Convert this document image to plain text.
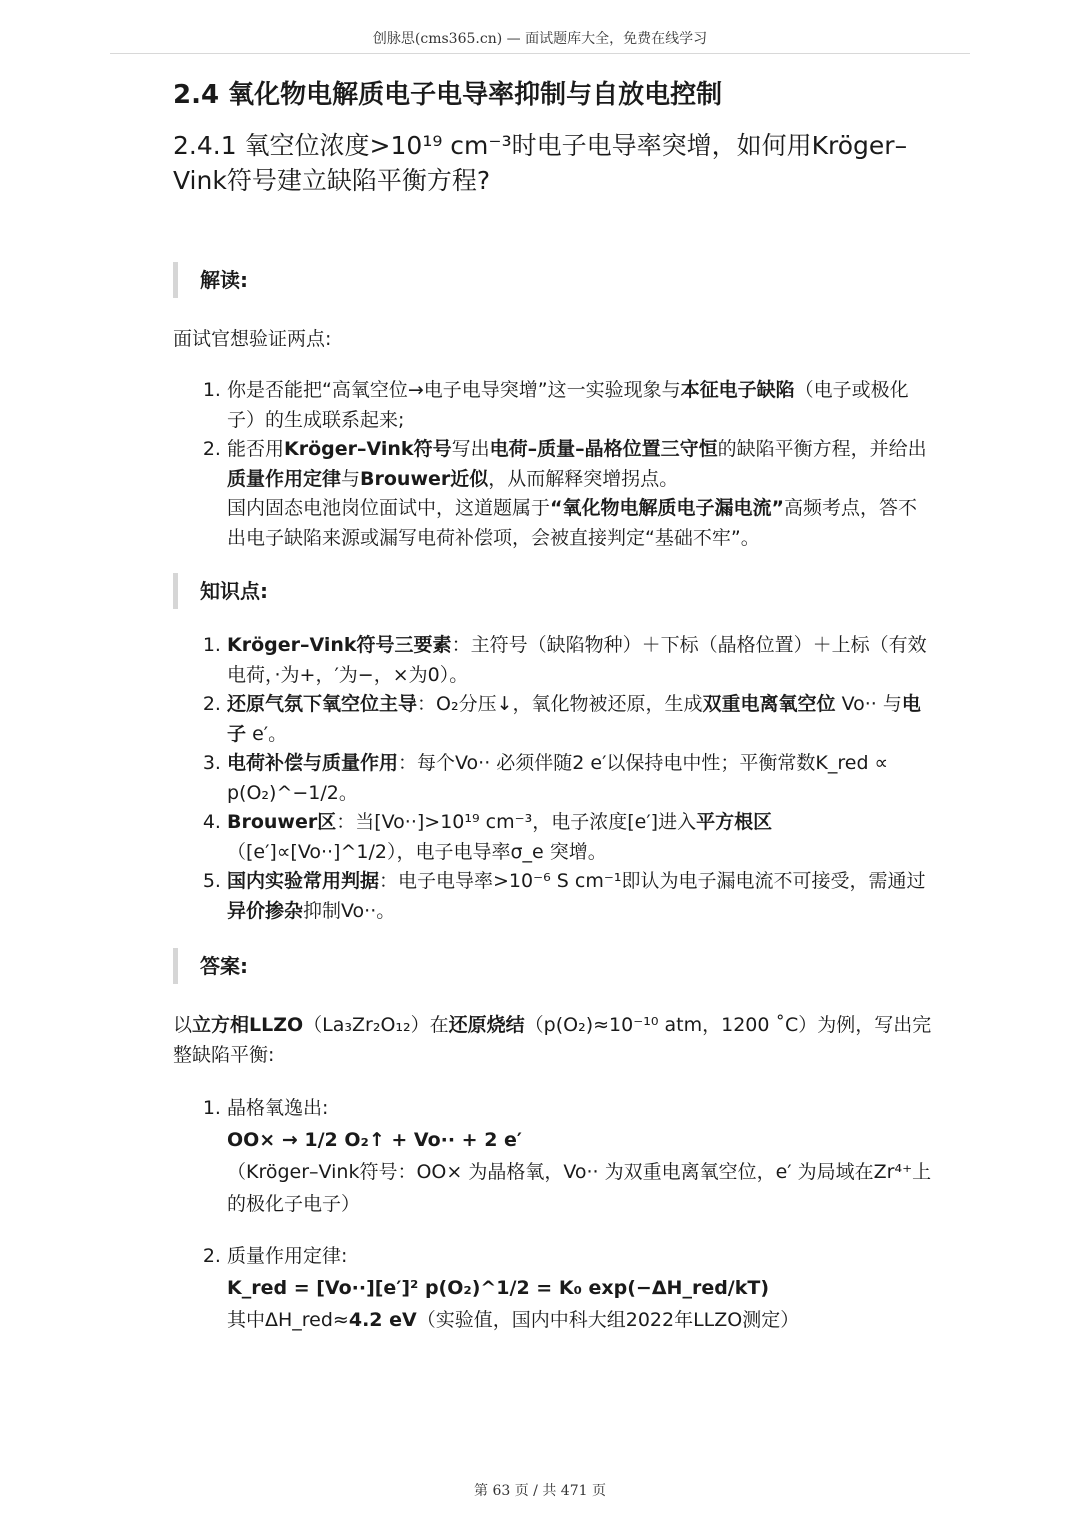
创脉思(cms365.cn) — 面试题库大全，免费在线学习
2.4 氧化物电解质电子电导率抑制与自放电控制
2.4.1 氧空位浓度>10¹⁹ cm⁻³时电子电导率突增，如何用Kröger–Vink符号建立缺陷平衡方程?
解读:

面试官想验证两点:

1. 你是否能把“高氧空位→电子电导突增”这一实验现象与本征电子缺陷（电子或极化子）的生成联系起来;
2. 能否用Kröger–Vink符号写出电荷–质量–晶格位置三守恒的缺陷平衡方程，并给出质量作用定律与Brouwer近似，从而解释突增拐点。
国内固态电池岗位面试中，这道题属于“氧化物电解质电子漏电流”高频考点，答不出电子缺陷来源或漏写电荷补偿项，会被直接判定“基础不牢”。
知识点:
1. Kröger–Vink符号三要素：主符号（缺陷物种）＋下标（晶格位置）＋上标（有效电荷，·为+，′为−，×为0）。
2. 还原气氛下氧空位主导：O₂分压↓，氧化物被还原，生成双重电离氧空位 Vo·· 与电子 e′。
3. 电荷补偿与质量作用：每个Vo·· 必须伴随2 e′以保持电中性；平衡常数K_red ∝ p(O₂)^−1/2。
4. Brouwer区：当[Vo··]>10¹⁹ cm⁻³，电子浓度[e′]进入平方根区（[e′]∝[Vo··]^1/2），电子电导率σ_e 突增。
5. 国内实验常用判据：电子电导率>10⁻⁶ S cm⁻¹即认为电子漏电流不可接受，需通过异价掺杂抑制Vo··。
答案:

以立方相LLZO（La₃Zr₂O₁₂）在还原烧结（p(O₂)≈10⁻¹⁰ atm，1200 ˚C）为例，写出完整缺陷平衡:

1. 晶格氧逸出:
OO× → 1/2 O₂↑ + Vo·· + 2 e′
（Kröger–Vink符号：OO× 为晶格氧，Vo·· 为双重电离氧空位，e′ 为局域在Zr⁴⁺上的极化子电子）
2. 质量作用定律:
K_red = [Vo··][e′]² p(O₂)^1/2 = K₀ exp(−ΔH_red/kT)
其中ΔH_red≈4.2 eV（实验值，国内中科大组2022年LLZO测定）
第 63 页 / 共 471 页
